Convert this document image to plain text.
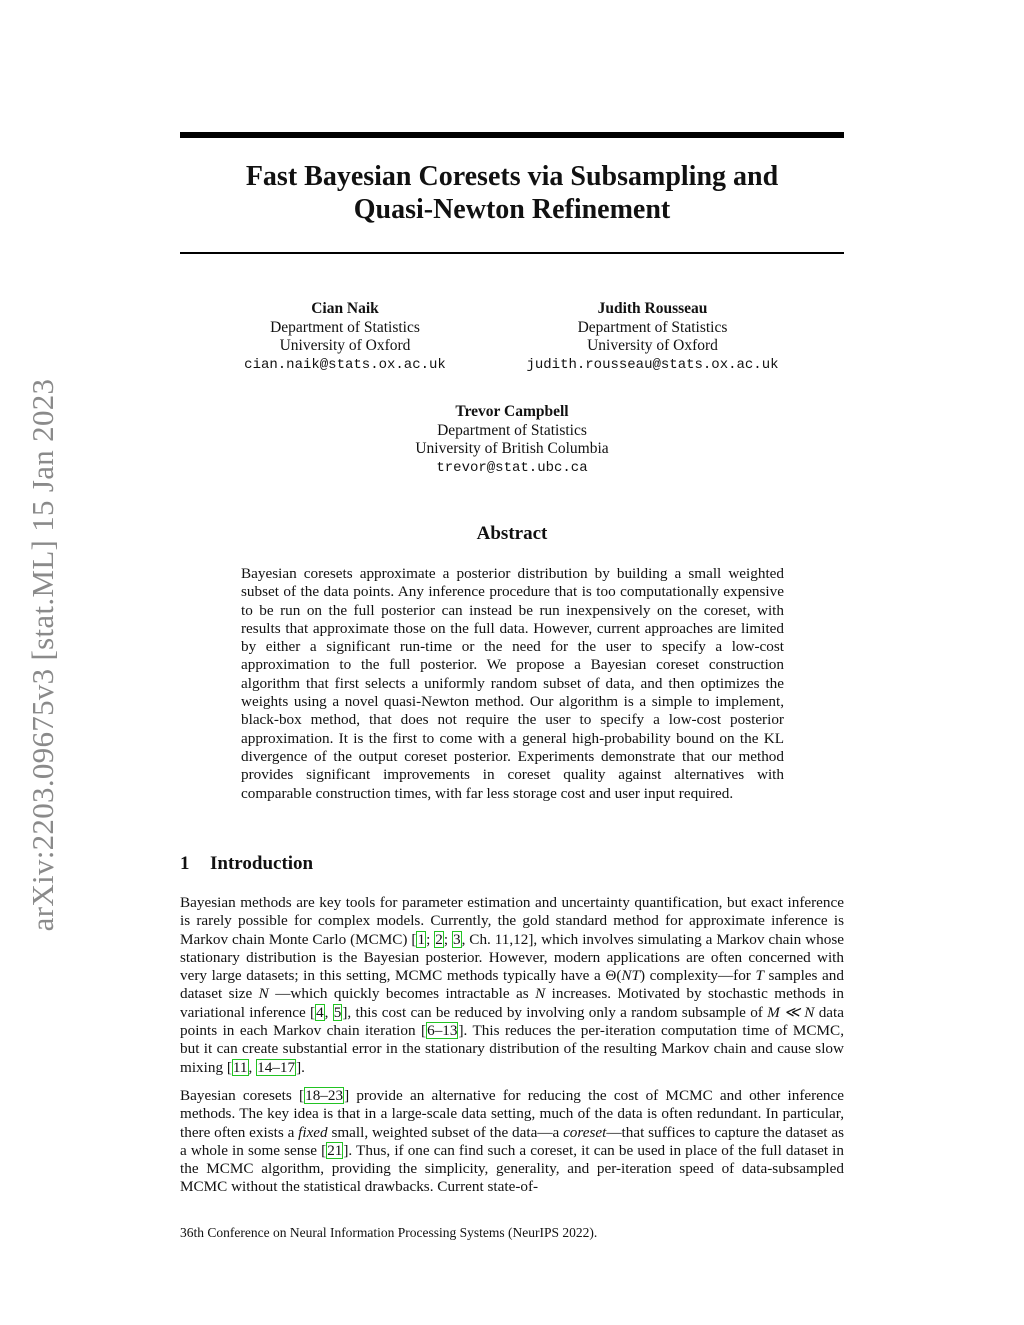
arXiv:2203.09675v3 [stat.ML] 15 Jan 2023
Fast Bayesian Coresets via Subsampling and
Quasi-Newton Refinement
Cian Naik
Department of Statistics
University of Oxford
cian.naik@stats.ox.ac.uk
Judith Rousseau
Department of Statistics
University of Oxford
judith.rousseau@stats.ox.ac.uk
Trevor Campbell
Department of Statistics
University of British Columbia
trevor@stat.ubc.ca
Abstract
Bayesian coresets approximate a posterior distribution by building a small weighted subset of the data points. Any inference procedure that is too computationally expensive to be run on the full posterior can instead be run inexpensively on the coreset, with results that approximate those on the full data. However, current approaches are limited by either a significant run-time or the need for the user to specify a low-cost approximation to the full posterior. We propose a Bayesian coreset construction algorithm that first selects a uniformly random subset of data, and then optimizes the weights using a novel quasi-Newton method. Our algorithm is a simple to implement, black-box method, that does not require the user to specify a low-cost posterior approximation. It is the first to come with a general high-probability bound on the KL divergence of the output coreset posterior. Experiments demonstrate that our method provides significant improvements in coreset quality against alternatives with comparable construction times, with far less storage cost and user input required.
1 Introduction
Bayesian methods are key tools for parameter estimation and uncertainty quantification, but exact inference is rarely possible for complex models. Currently, the gold standard method for approximate inference is Markov chain Monte Carlo (MCMC) [1; 2; 3, Ch. 11,12], which involves simulating a Markov chain whose stationary distribution is the Bayesian posterior. However, modern applications are often concerned with very large datasets; in this setting, MCMC methods typically have a Θ(NT) complexity—for T samples and dataset size N —which quickly becomes intractable as N increases. Motivated by stochastic methods in variational inference [4, 5], this cost can be reduced by involving only a random subsample of M ≪ N data points in each Markov chain iteration [6–13]. This reduces the per-iteration computation time of MCMC, but it can create substantial error in the stationary distribution of the resulting Markov chain and cause slow mixing [11, 14–17].
Bayesian coresets [18–23] provide an alternative for reducing the cost of MCMC and other inference methods. The key idea is that in a large-scale data setting, much of the data is often redundant. In particular, there often exists a fixed small, weighted subset of the data—a coreset—that suffices to capture the dataset as a whole in some sense [21]. Thus, if one can find such a coreset, it can be used in place of the full dataset in the MCMC algorithm, providing the simplicity, generality, and per-iteration speed of data-subsampled MCMC without the statistical drawbacks. Current state-of-
36th Conference on Neural Information Processing Systems (NeurIPS 2022).
